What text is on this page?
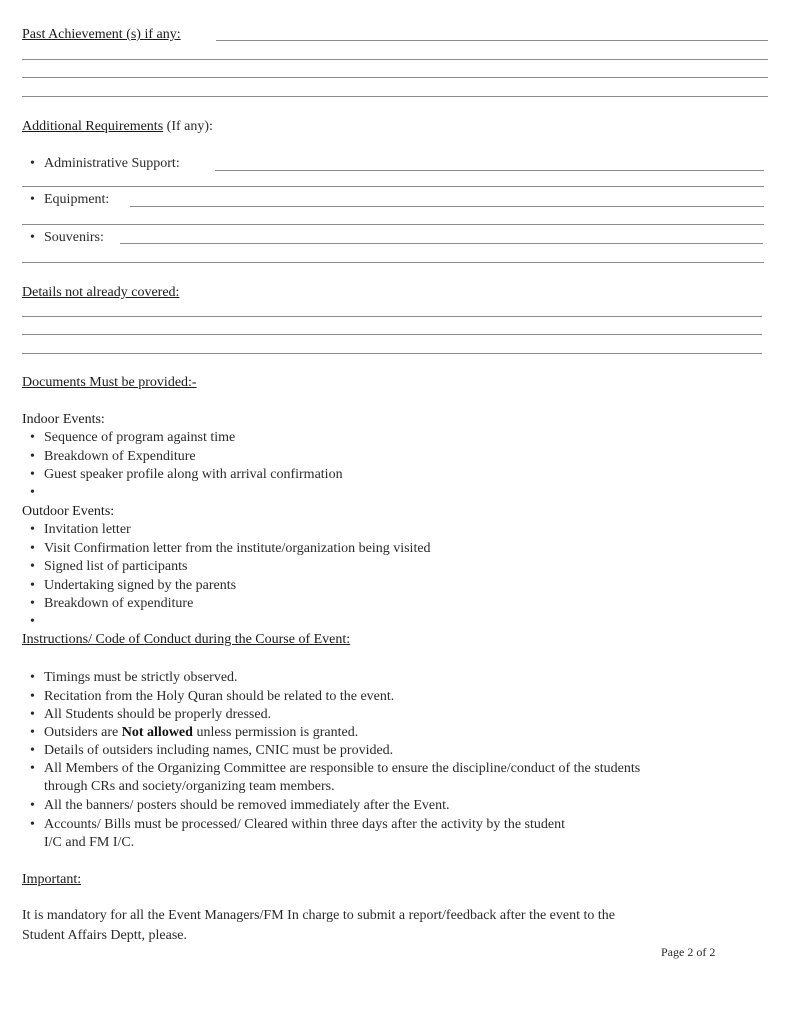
Past Achievement (s) if any:
Additional Requirements (If any):
• Administrative Support:
• Equipment:
• Souvenirs:
Details not already covered:
Documents Must be provided:-
Indoor Events:
• Sequence of program against time
• Breakdown of Expenditure
• Guest speaker profile along with arrival confirmation
•
Outdoor Events:
• Invitation letter
• Visit Confirmation letter from the institute/organization being visited
• Signed list of participants
• Undertaking signed by the parents
• Breakdown of expenditure
•
Instructions/ Code of Conduct during the Course of Event:
• Timings must be strictly observed.
• Recitation from the Holy Quran should be related to the event.
• All Students should be properly dressed.
• Outsiders are Not allowed unless permission is granted.
• Details of outsiders including names, CNIC must be provided.
• All Members of the Organizing Committee are responsible to ensure the discipline/conduct of the students
through CRs and society/organizing team members.
• All the banners/ posters should be removed immediately after the Event.
• Accounts/ Bills must be processed/ Cleared within three days after the activity by the student
I/C and FM I/C.
Important:
It is mandatory for all the Event Managers/FM In charge to submit a report/feedback after the event to the
Student Affairs Deptt, please.
Page 2 of 2
